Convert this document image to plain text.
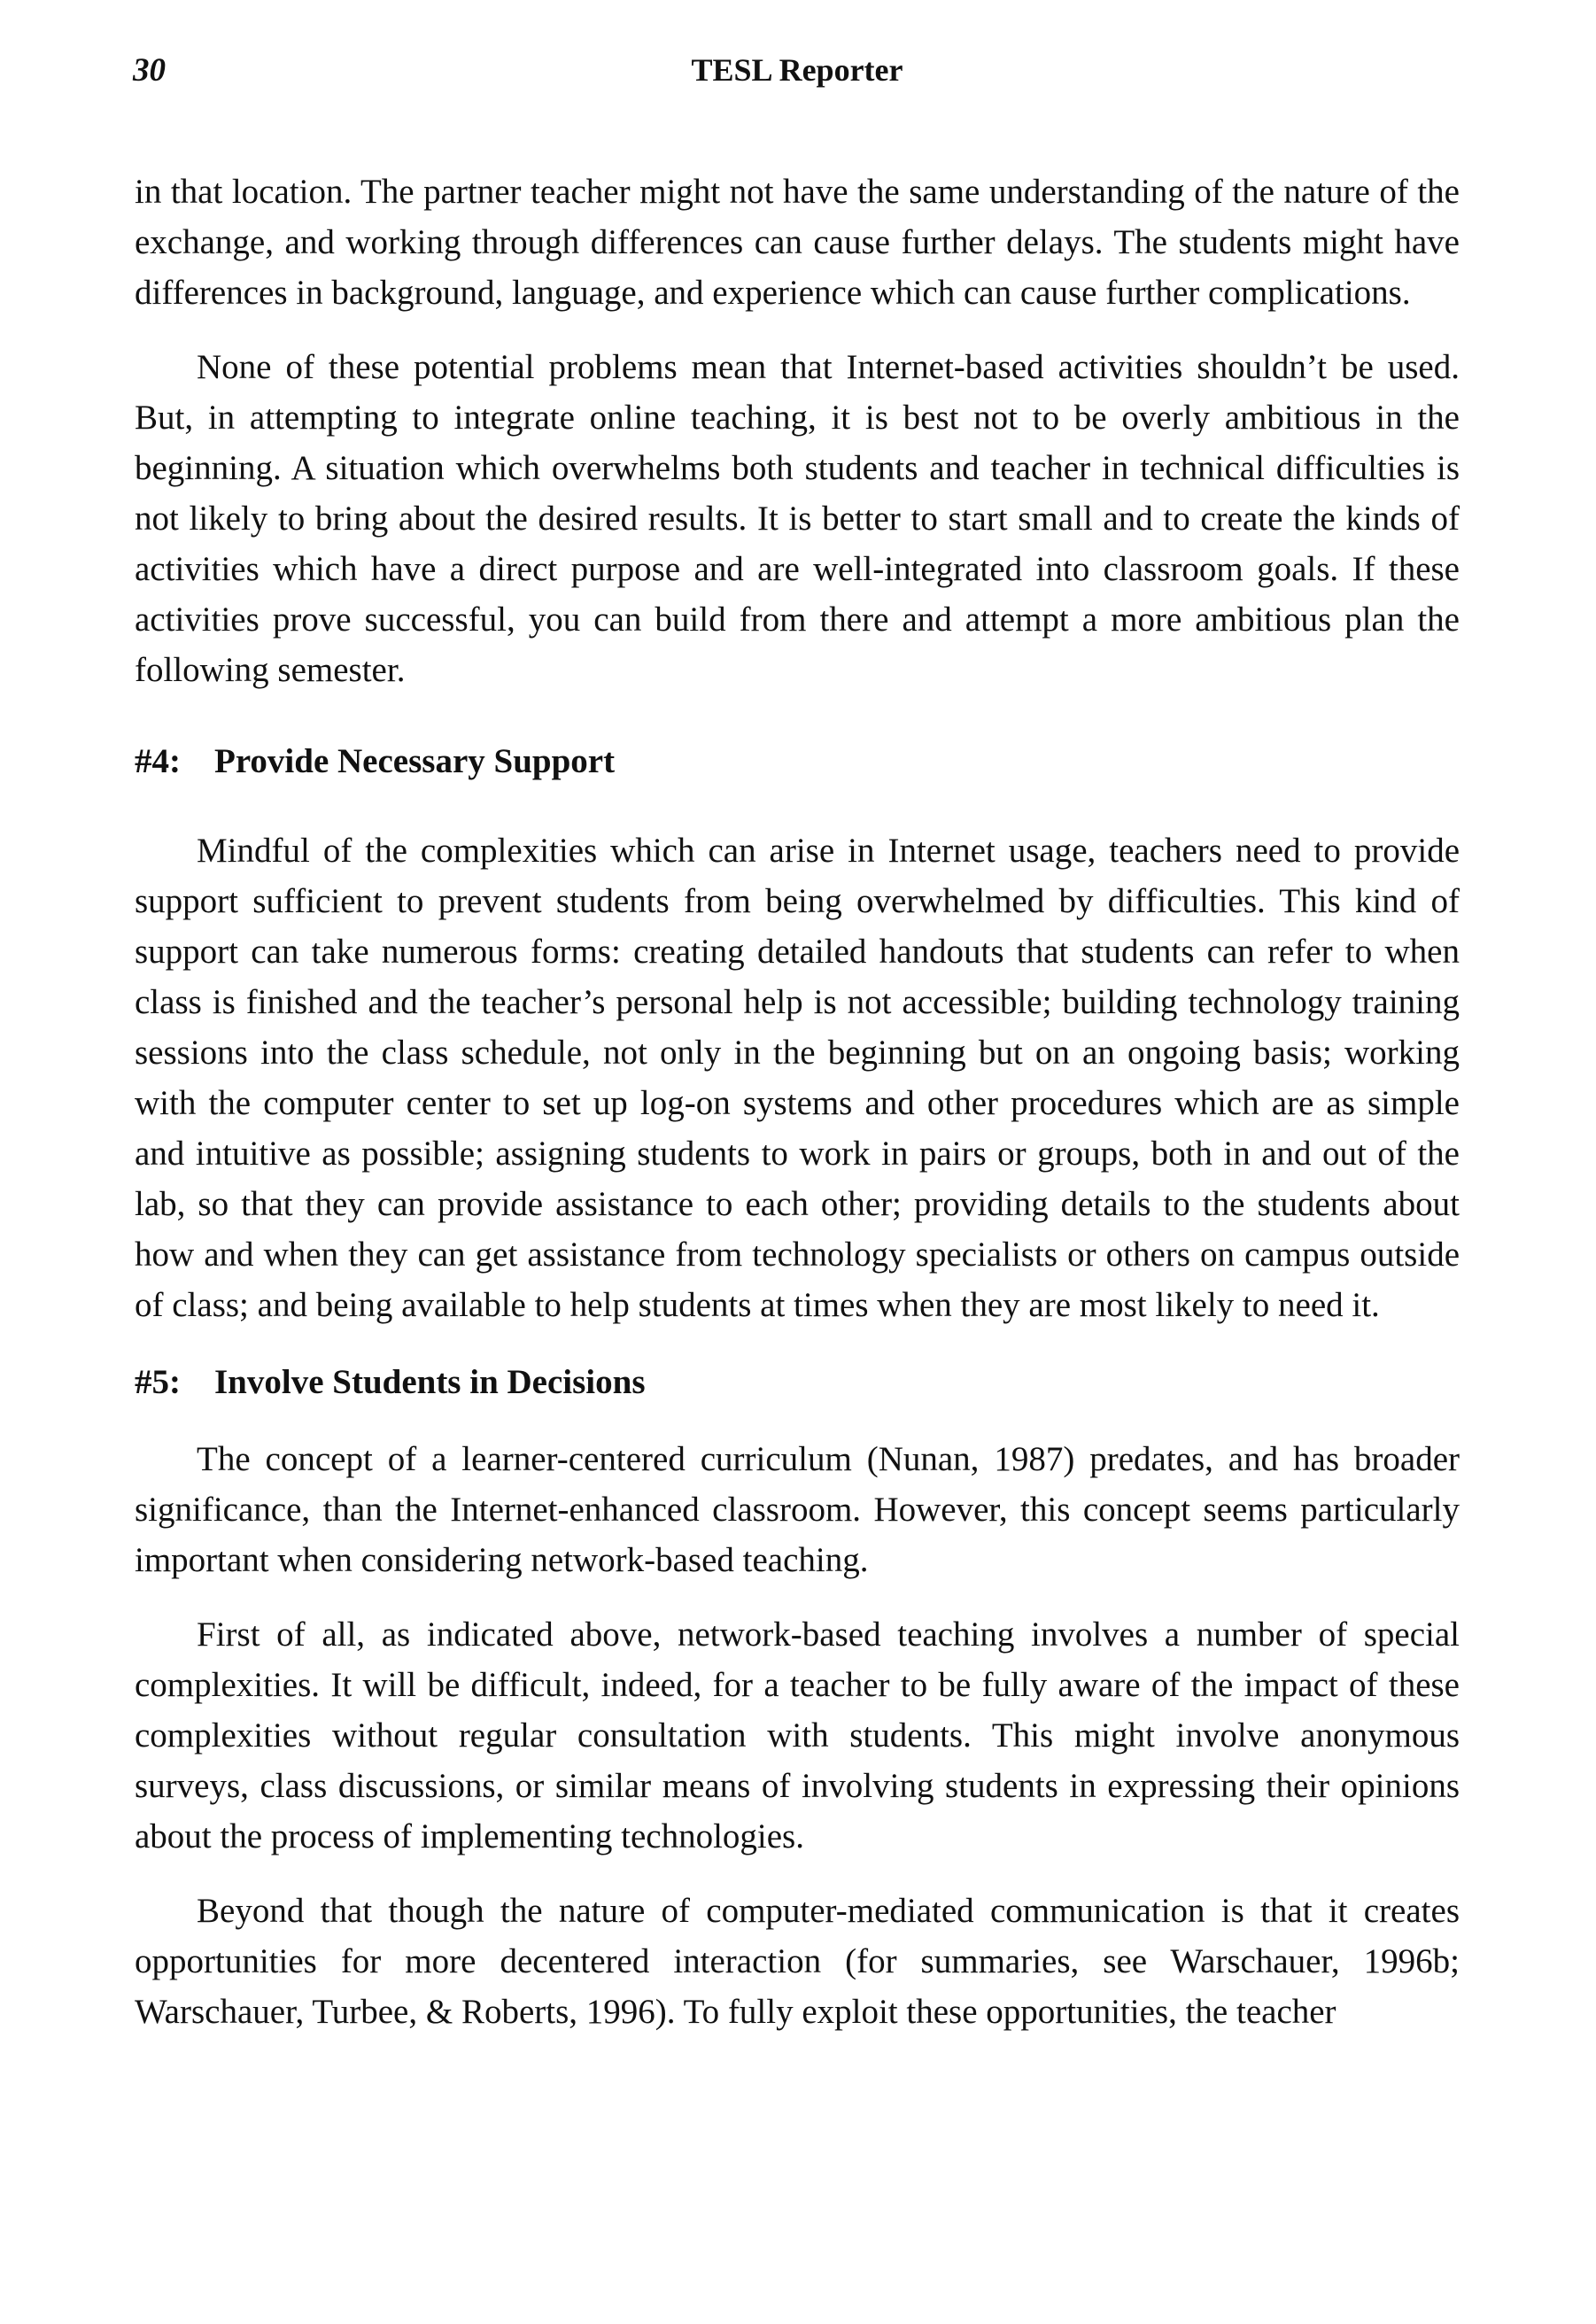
30	TESL Reporter

in that location. The partner teacher might not have the same understanding of the nature of the exchange, and working through differences can cause further delays. The students might have differences in background, language, and experience which can cause further complications.

None of these potential problems mean that Internet-based activities shouldn’t be used. But, in attempting to integrate online teaching, it is best not to be overly ambitious in the beginning. A situation which overwhelms both students and teacher in technical difficulties is not likely to bring about the desired results. It is better to start small and to create the kinds of activities which have a direct purpose and are well-integrated into classroom goals. If these activities prove successful, you can build from there and attempt a more ambitious plan the following semester.

#4: Provide Necessary Support

Mindful of the complexities which can arise in Internet usage, teachers need to provide support sufficient to prevent students from being overwhelmed by difficulties. This kind of support can take numerous forms: creating detailed handouts that students can refer to when class is finished and the teacher’s personal help is not accessible; building technology training sessions into the class schedule, not only in the beginning but on an ongoing basis; working with the computer center to set up log-on systems and other procedures which are as simple and intuitive as possible; assigning students to work in pairs or groups, both in and out of the lab, so that they can provide assistance to each other; providing details to the students about how and when they can get assistance from technology specialists or others on campus outside of class; and being available to help students at times when they are most likely to need it.

#5: Involve Students in Decisions

The concept of a learner-centered curriculum (Nunan, 1987) predates, and has broader significance, than the Internet-enhanced classroom. However, this concept seems particularly important when considering network-based teaching.

First of all, as indicated above, network-based teaching involves a number of special complexities. It will be difficult, indeed, for a teacher to be fully aware of the impact of these complexities without regular consultation with students. This might involve anonymous surveys, class discussions, or similar means of involving students in expressing their opinions about the process of implementing technologies.

Beyond that though the nature of computer-mediated communication is that it creates opportunities for more decentered interaction (for summaries, see Warschauer, 1996b; Warschauer, Turbee, & Roberts, 1996). To fully exploit these opportunities, the teacher
